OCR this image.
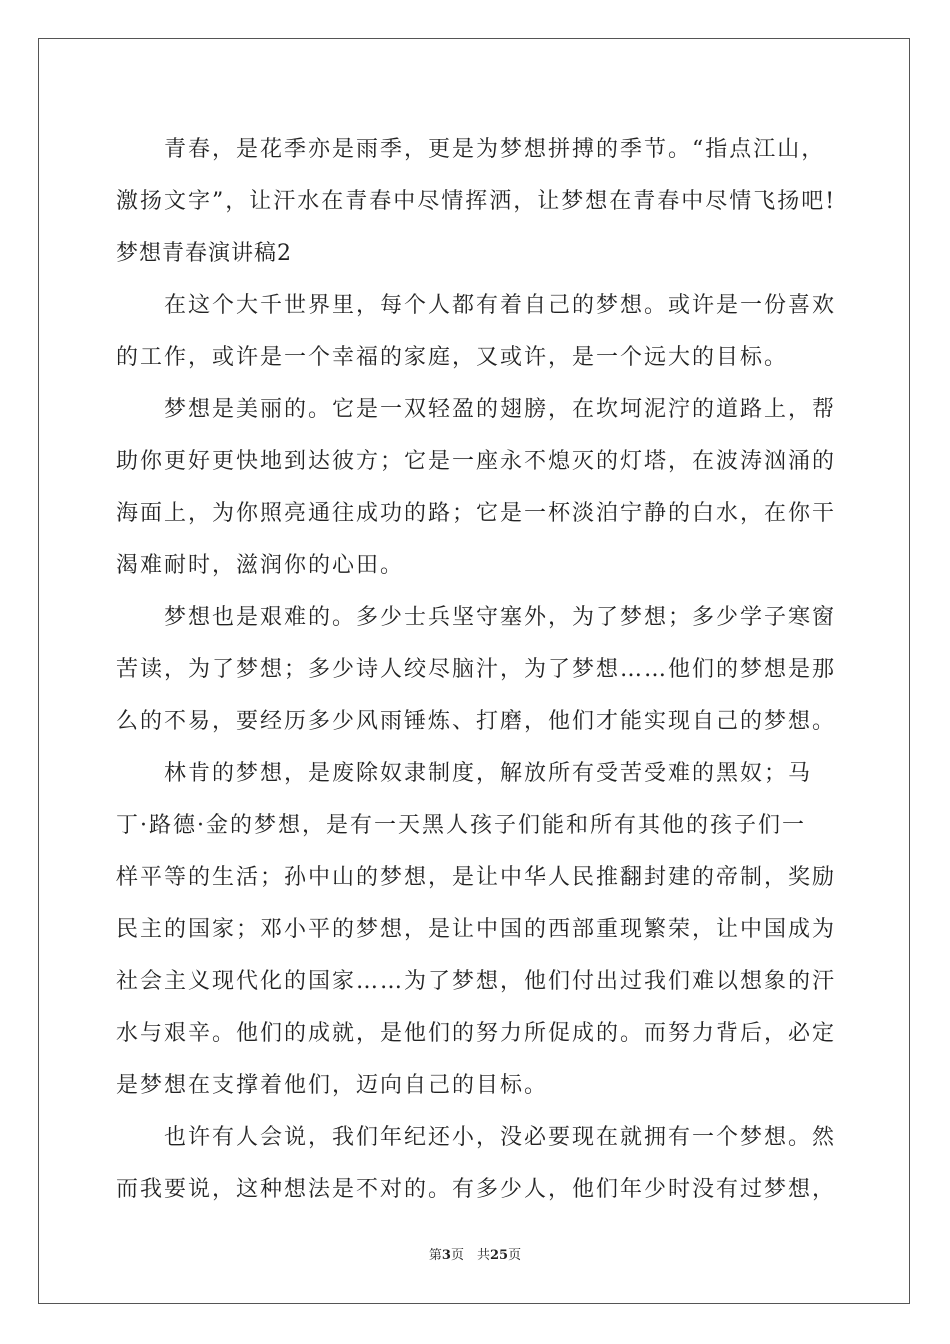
青春，是花季亦是雨季，更是为梦想拼搏的季节。“指点江山，
激扬文字”，让汗水在青春中尽情挥洒，让梦想在青春中尽情飞扬吧!
梦想青春演讲稿2
在这个大千世界里，每个人都有着自己的梦想。或许是一份喜欢
的工作，或许是一个幸福的家庭，又或许，是一个远大的目标。
梦想是美丽的。它是一双轻盈的翅膀，在坎坷泥泞的道路上，帮
助你更好更快地到达彼方；它是一座永不熄灭的灯塔，在波涛汹涌的
海面上，为你照亮通往成功的路；它是一杯淡泊宁静的白水，在你干
渴难耐时，滋润你的心田。
梦想也是艰难的。多少士兵坚守塞外，为了梦想；多少学子寒窗
苦读，为了梦想；多少诗人绞尽脑汁，为了梦想……他们的梦想是那
么的不易，要经历多少风雨锤炼、打磨，他们才能实现自己的梦想。
林肯的梦想，是废除奴隶制度，解放所有受苦受难的黑奴；马
丁·路德·金的梦想，是有一天黑人孩子们能和所有其他的孩子们一
样平等的生活；孙中山的梦想，是让中华人民推翻封建的帝制，奖励
民主的国家；邓小平的梦想，是让中国的西部重现繁荣，让中国成为
社会主义现代化的国家……为了梦想，他们付出过我们难以想象的汗
水与艰辛。他们的成就，是他们的努力所促成的。而努力背后，必定
是梦想在支撑着他们，迈向自己的目标。
也许有人会说，我们年纪还小，没必要现在就拥有一个梦想。然
而我要说，这种想法是不对的。有多少人，他们年少时没有过梦想，
第3页　共25页
